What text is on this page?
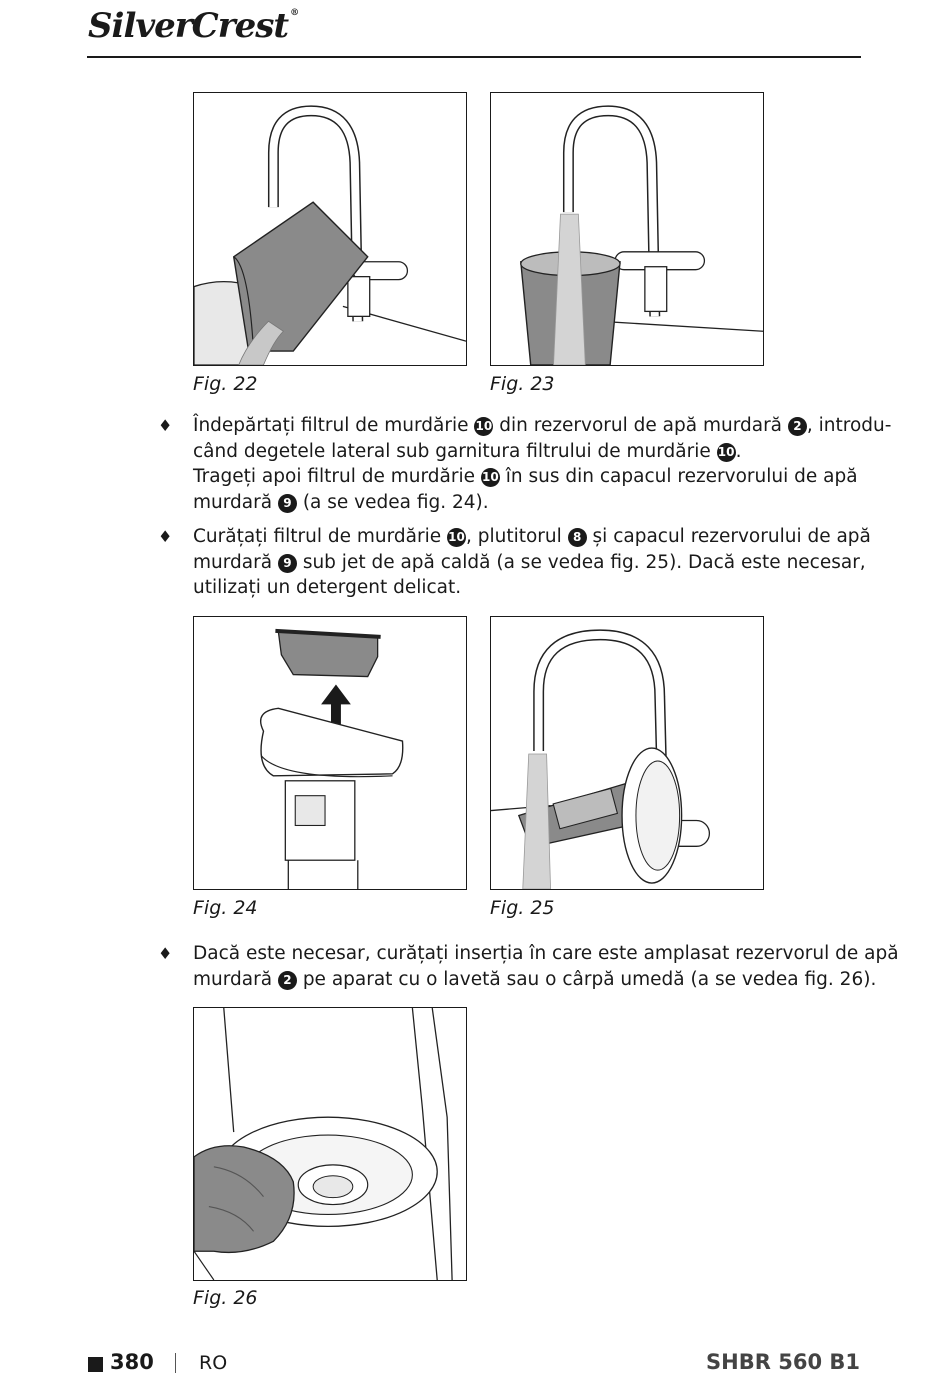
SilverCrest ®
Fig. 22	Fig. 23
♦ Îndepărtați filtrul de murdărie 10 din rezervorul de apă murdară 2 , introdu-
când degetele lateral sub garnitura filtrului de murdărie 10.
Trageți apoi filtrul de murdărie 10 în sus din capacul rezervorului de apă
murdară 9 (a se vedea fig. 24).
♦ Curățați filtrul de murdărie 10, plutitorul 8 și capacul rezervorului de apă
murdară 9 sub jet de apă caldă (a se vedea fig. 25). Dacă este necesar,
utilizați un detergent delicat.
Fig. 24	Fig. 25
♦ Dacă este necesar, curățați inserția în care este amplasat rezervorul de apă
murdară 2 pe aparat cu o lavetă sau o cârpă umedă (a se vedea fig. 26).
Fig. 26
380 RO	SHBR 560 B1
